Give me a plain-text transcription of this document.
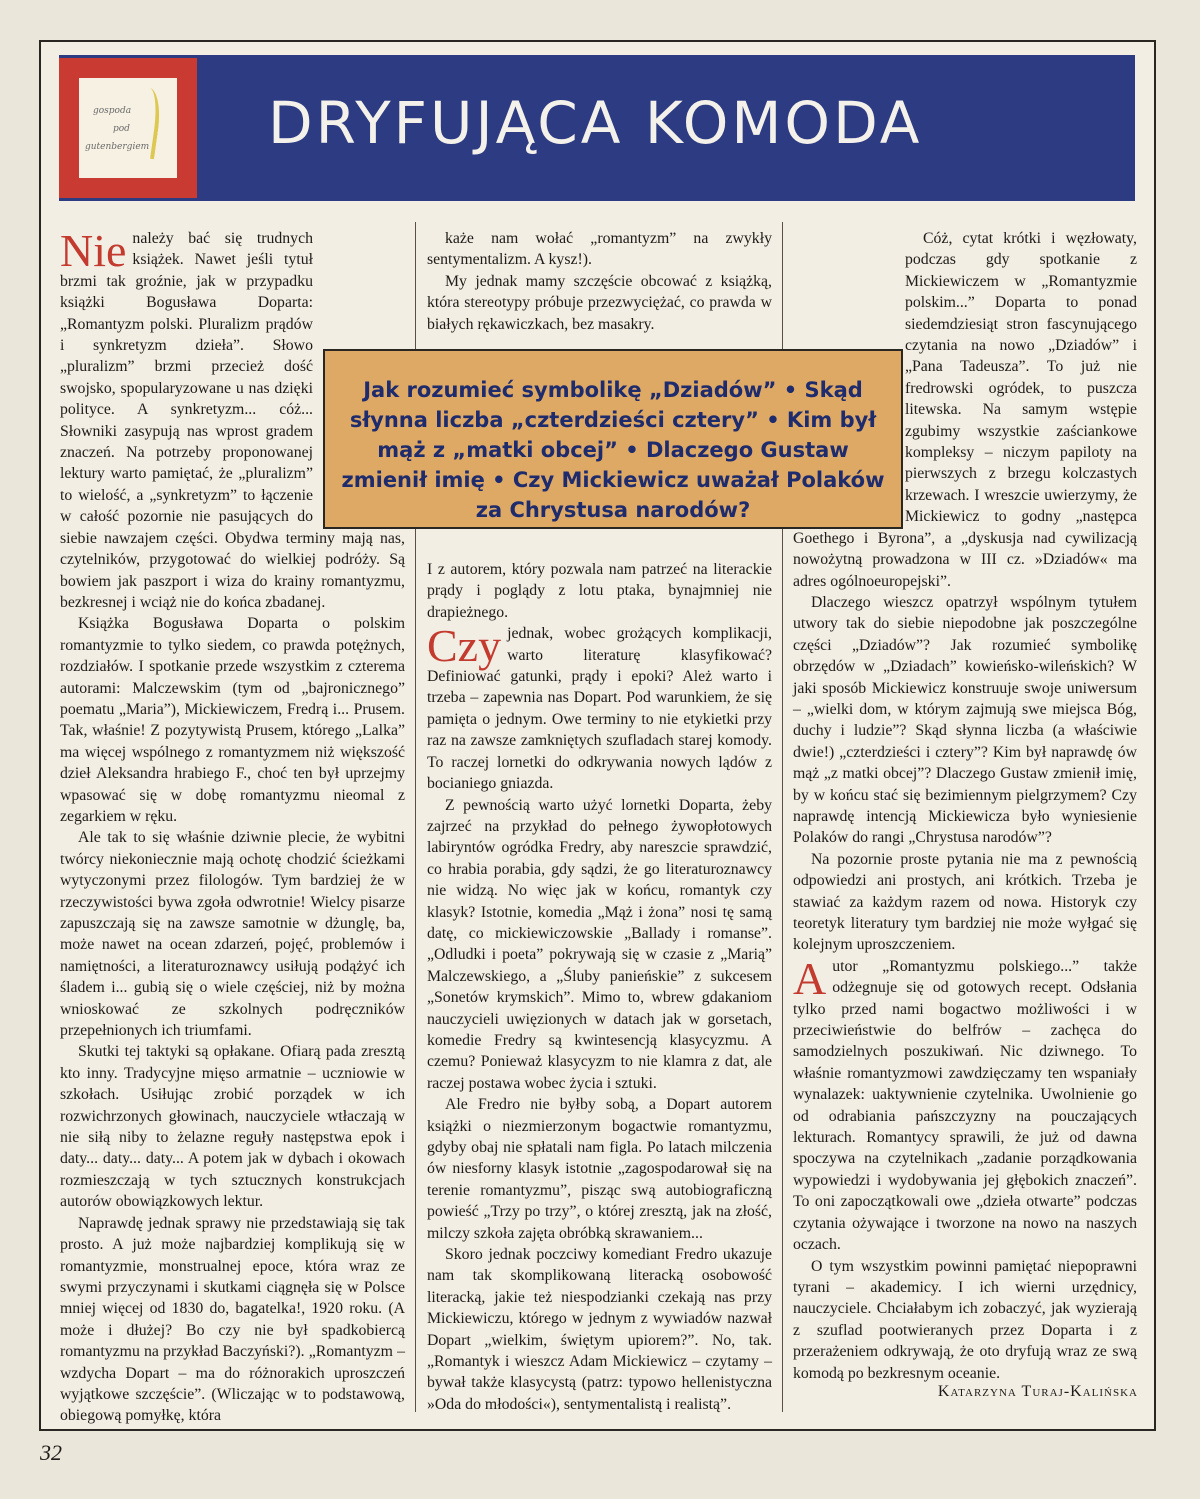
DRYFUJĄCA KOMODA
gospoda
pod
gutenbergiem

Nie należy bać się trudnych książek. Nawet jeśli tytuł brzmi tak groźnie, jak w przypadku książki Bogusława Doparta: „Romantyzm polski. Pluralizm prądów i synkretyzm dzieła”. Słowo „pluralizm” brzmi przecież dość swojsko, spopularyzowane u nas dzięki polityce. A synkretyzm... cóż... Słowniki zasypują nas wprost gradem znaczeń. Na potrzeby proponowanej lektury warto pamiętać, że „pluralizm” to wielość, a „synkretyzm” to łączenie w całość pozornie nie pasujących do siebie nawzajem części. Obydwa terminy mają nas, czytelników, przygotować do wielkiej podróży. Są bowiem jak paszport i wiza do krainy romantyzmu, bezkresnej i wciąż nie do końca zbadanej.

Książka Bogusława Doparta o polskim romantyzmie to tylko siedem, co prawda potężnych, rozdziałów. I spotkanie przede wszystkim z czterema autorami: Malczewskim (tym od „bajronicznego” poematu „Maria”), Mickiewiczem, Fredrą i... Prusem. Tak, właśnie! Z pozytywistą Prusem, którego „Lalka” ma więcej wspólnego z romantyzmem niż większość dzieł Aleksandra hrabiego F., choć ten był uprzejmy wpasować się w dobę romantyzmu nieomal z zegarkiem w ręku.

Ale tak to się właśnie dziwnie plecie, że wybitni twórcy niekoniecznie mają ochotę chodzić ścieżkami wytyczonymi przez filologów. Tym bardziej że w rzeczywistości bywa zgoła odwrotnie! Wielcy pisarze zapuszczają się na zawsze samotnie w dżunglę, ba, może nawet na ocean zdarzeń, pojęć, problemów i namiętności, a literaturoznawcy usiłują podążyć ich śladem i... gubią się o wiele częściej, niż by można wnioskować ze szkolnych podręczników przepełnionych ich triumfami.

Skutki tej taktyki są opłakane. Ofiarą pada zresztą kto inny. Tradycyjne mięso armatnie – uczniowie w szkołach. Usiłując zrobić porządek w ich rozwichrzonych głowinach, nauczyciele wtłaczają w nie siłą niby to żelazne reguły następstwa epok i daty... daty... daty... A potem jak w dybach i okowach rozmieszczają w tych sztucznych konstrukcjach autorów obowiązkowych lektur.

Naprawdę jednak sprawy nie przedstawiają się tak prosto. A już może najbardziej komplikują się w romantyzmie, monstrualnej epoce, która wraz ze swymi przyczynami i skutkami ciągnęła się w Polsce mniej więcej od 1830 do, bagatelka!, 1920 roku. (A może i dłużej? Bo czy nie był spadkobiercą romantyzmu na przykład Baczyński?). „Romantyzm – wzdycha Dopart – ma do różnorakich uproszczeń wyjątkowe szczęście”. (Wliczając w to podstawową, obiegową pomyłkę, która

każe nam wołać „romantyzm” na zwykły sentymentalizm. A kysz!).

My jednak mamy szczęście obcować z książką, która stereotypy próbuje przezwyciężać, co prawda w białych rękawiczkach, bez masakry.

I z autorem, który pozwala nam patrzeć na literackie prądy i poglądy z lotu ptaka, bynajmniej nie drapieżnego.

Czy jednak, wobec grożących komplikacji, warto literaturę klasyfikować? Definiować gatunki, prądy i epoki? Ależ warto i trzeba – zapewnia nas Dopart. Pod warunkiem, że się pamięta o jednym. Owe terminy to nie etykietki przy raz na zawsze zamkniętych szufladach starej komody. To raczej lornetki do odkrywania nowych lądów z bocianiego gniazda.

Z pewnością warto użyć lornetki Doparta, żeby zajrzeć na przykład do pełnego żywopłotowych labiryntów ogródka Fredry, aby nareszcie sprawdzić, co hrabia porabia, gdy sądzi, że go literaturoznawcy nie widzą. No więc jak w końcu, romantyk czy klasyk? Istotnie, komedia „Mąż i żona” nosi tę samą datę, co mickiewiczowskie „Ballady i romanse”. „Odludki i poeta” pokrywają się w czasie z „Marią” Malczewskiego, a „Śluby panieńskie” z sukcesem „Sonetów krymskich”. Mimo to, wbrew gdakaniom nauczycieli uwięzionych w datach jak w gorsetach, komedie Fredry są kwintesencją klasycyzmu. A czemu? Ponieważ klasycyzm to nie klamra z dat, ale raczej postawa wobec życia i sztuki.

Ale Fredro nie byłby sobą, a Dopart autorem książki o niezmierzonym bogactwie romantyzmu, gdyby obaj nie spłatali nam figla. Po latach milczenia ów niesforny klasyk istotnie „zagospodarował się na terenie romantyzmu”, pisząc swą autobiograficzną powieść „Trzy po trzy”, o której zresztą, jak na złość, milczy szkoła zajęta obróbką skrawaniem...

Skoro jednak poczciwy komediant Fredro ukazuje nam tak skomplikowaną literacką osobowość literacką, jakie też niespodzianki czekają nas przy Mickiewiczu, którego w jednym z wywiadów nazwał Dopart „wielkim, świętym upiorem?”. No, tak. „Romantyk i wieszcz Adam Mickiewicz – czytamy – bywał także klasycystą (patrz: typowo hellenistyczna »Oda do młodości«), sentymentalistą i realistą”.

Cóż, cytat krótki i węzłowaty, podczas gdy spotkanie z Mickiewiczem w „Romantyzmie polskim...” Doparta to ponad siedemdziesiąt stron fascynującego czytania na nowo „Dziadów” i „Pana Tadeusza”. To już nie fredrowski ogródek, to puszcza litewska. Na samym wstępie zgubimy wszystkie zaściankowe kompleksy – niczym papiloty na pierwszych z brzegu kolczastych krzewach. I wreszcie uwierzymy, że Mickiewicz to godny „następca Goethego i Byrona”, a „dyskusja nad cywilizacją nowożytną prowadzona w III cz. »Dziadów« ma adres ogólnoeuropejski”.

Dlaczego wieszcz opatrzył wspólnym tytułem utwory tak do siebie niepodobne jak poszczególne części „Dziadów”? Jak rozumieć symbolikę obrzędów w „Dziadach” kowieńsko-wileńskich? W jaki sposób Mickiewicz konstruuje swoje uniwersum – „wielki dom, w którym zajmują swe miejsca Bóg, duchy i ludzie”? Skąd słynna liczba (a właściwie dwie!) „czterdzieści i cztery”? Kim był naprawdę ów mąż „z matki obcej”? Dlaczego Gustaw zmienił imię, by w końcu stać się bezimiennym pielgrzymem? Czy naprawdę intencją Mickiewicza było wyniesienie Polaków do rangi „Chrystusa narodów”?

Na pozornie proste pytania nie ma z pewnością odpowiedzi ani prostych, ani krótkich. Trzeba je stawiać za każdym razem od nowa. Historyk czy teoretyk literatury tym bardziej nie może wyłgać się kolejnym uproszczeniem.

Autor „Romantyzmu polskiego...” także odżegnuje się od gotowych recept. Odsłania tylko przed nami bogactwo możliwości i w przeciwieństwie do belfrów – zachęca do samodzielnych poszukiwań. Nic dziwnego. To właśnie romantyzmowi zawdzięczamy ten wspaniały wynalazek: uaktywnienie czytelnika. Uwolnienie go od odrabiania pańszczyzny na pouczających lekturach. Romantycy sprawili, że już od dawna spoczywa na czytelnikach „zadanie porządkowania wypowiedzi i wydobywania jej głębokich znaczeń”. To oni zapoczątkowali owe „dzieła otwarte” podczas czytania ożywające i tworzone na nowo na naszych oczach.

O tym wszystkim powinni pamiętać niepoprawni tyrani – akademicy. I ich wierni urzędnicy, nauczyciele. Chciałabym ich zobaczyć, jak wyzierają z szuflad pootwieranych przez Doparta i z przerażeniem odkrywają, że oto dryfują wraz ze swą komodą po bezkresnym oceanie.

Jak rozumieć symbolikę „Dziadów” • Skąd słynna liczba „czterdzieści cztery” • Kim był mąż z „matki obcej” • Dlaczego Gustaw zmienił imię • Czy Mickiewicz uważał Polaków za Chrystusa narodów?
Katarzyna Turaj-Kalińska
32
